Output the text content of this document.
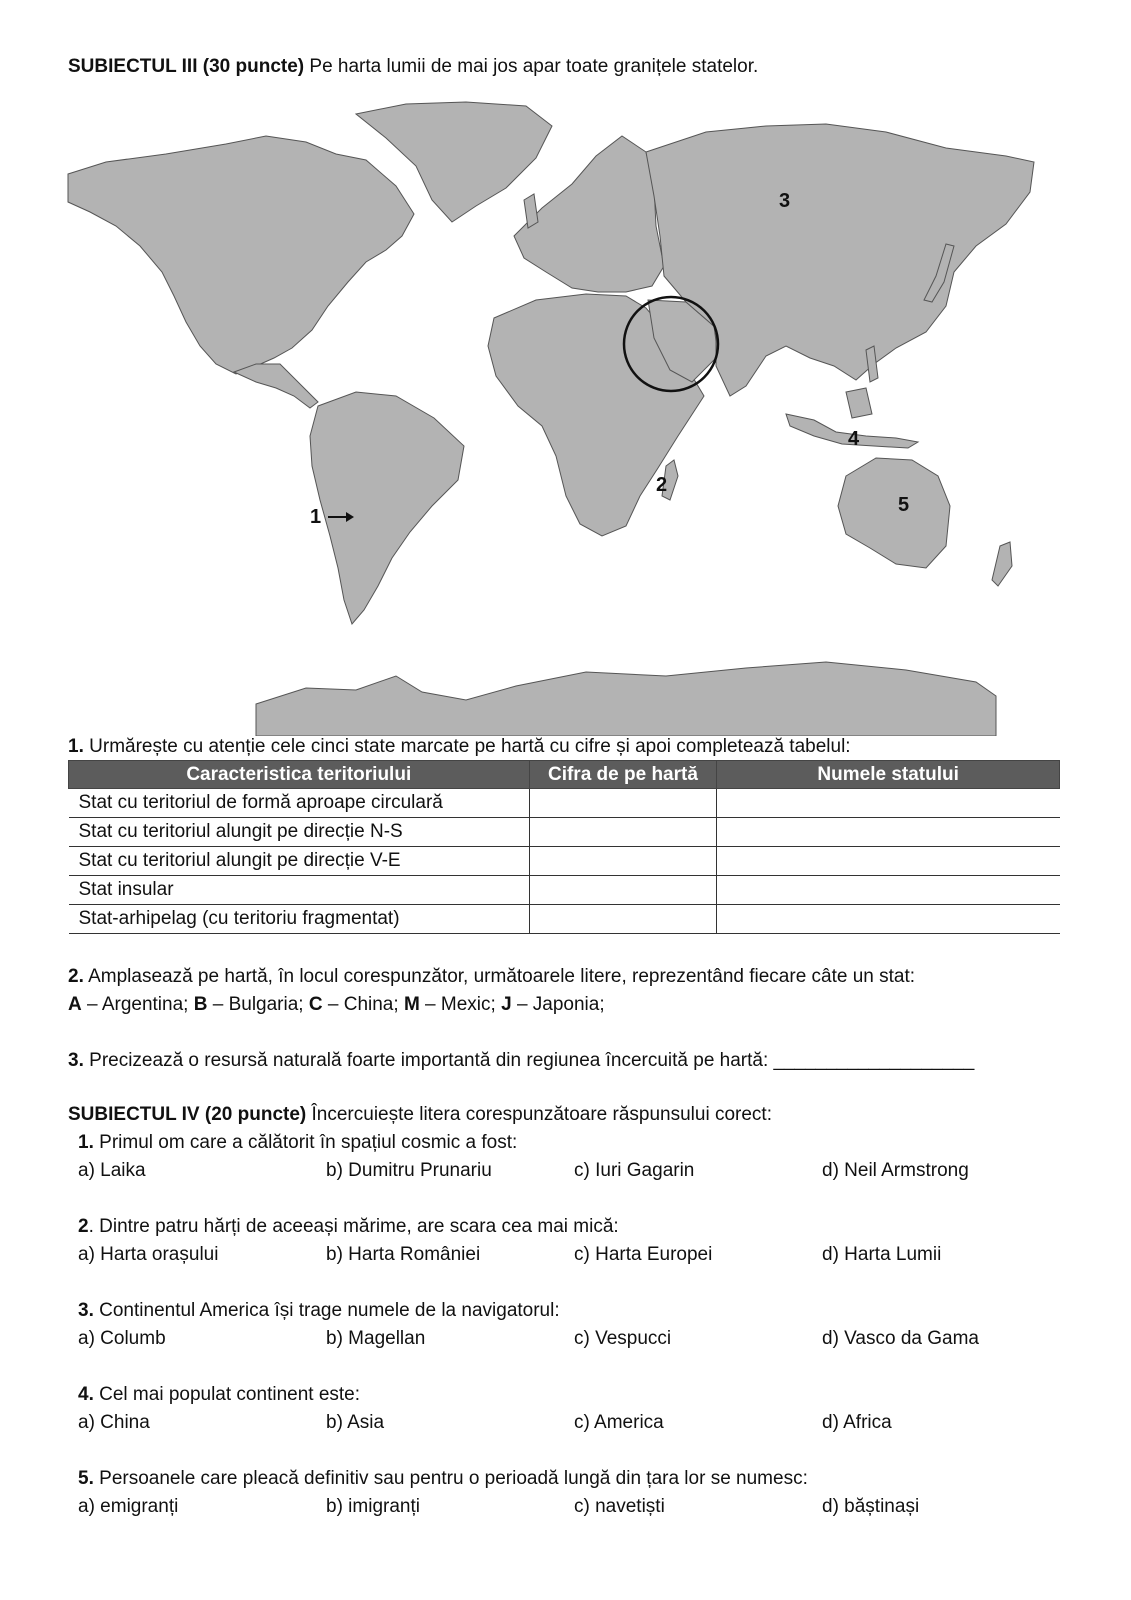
SUBIECTUL III (30 puncte) Pe harta lumii de mai jos apar toate granițele statelor.
1
2
3
4
5
1. Urmărește cu atenție cele cinci state marcate pe hartă cu cifre și apoi completează tabelul:
Caracteristica teritoriului	Cifra de pe hartă	Numele statului
Stat cu teritoriul de formă aproape circulară		
Stat cu teritoriul alungit pe direcție N-S		
Stat cu teritoriul alungit pe direcție V-E		
Stat insular		
Stat-arhipelag (cu teritoriu fragmentat)		
2. Amplasează pe hartă, în locul corespunzător, următoarele litere, reprezentând fiecare câte un stat:
A – Argentina; B – Bulgaria; C – China; M – Mexic; J – Japonia;
3. Precizează o resursă naturală foarte importantă din regiunea încercuită pe hartă: ___________________
SUBIECTUL IV (20 puncte) Încercuiește litera corespunzătoare răspunsului corect:
1. Primul om care a călătorit în spațiul cosmic a fost:
a) Laika	b) Dumitru Prunariu	c) Iuri Gagarin	d) Neil Armstrong
2. Dintre patru hărți de aceeași mărime, are scara cea mai mică:
a) Harta orașului	b) Harta României	c) Harta Europei	d) Harta Lumii
3. Continentul America își trage numele de la navigatorul:
a) Columb	b) Magellan	c) Vespucci	d) Vasco da Gama
4. Cel mai populat continent este:
a) China	b) Asia	c) America	d) Africa
5. Persoanele care pleacă definitiv sau pentru o perioadă lungă din țara lor se numesc:
a) emigranți	b) imigranți	c) navetiști	d) băștinași
